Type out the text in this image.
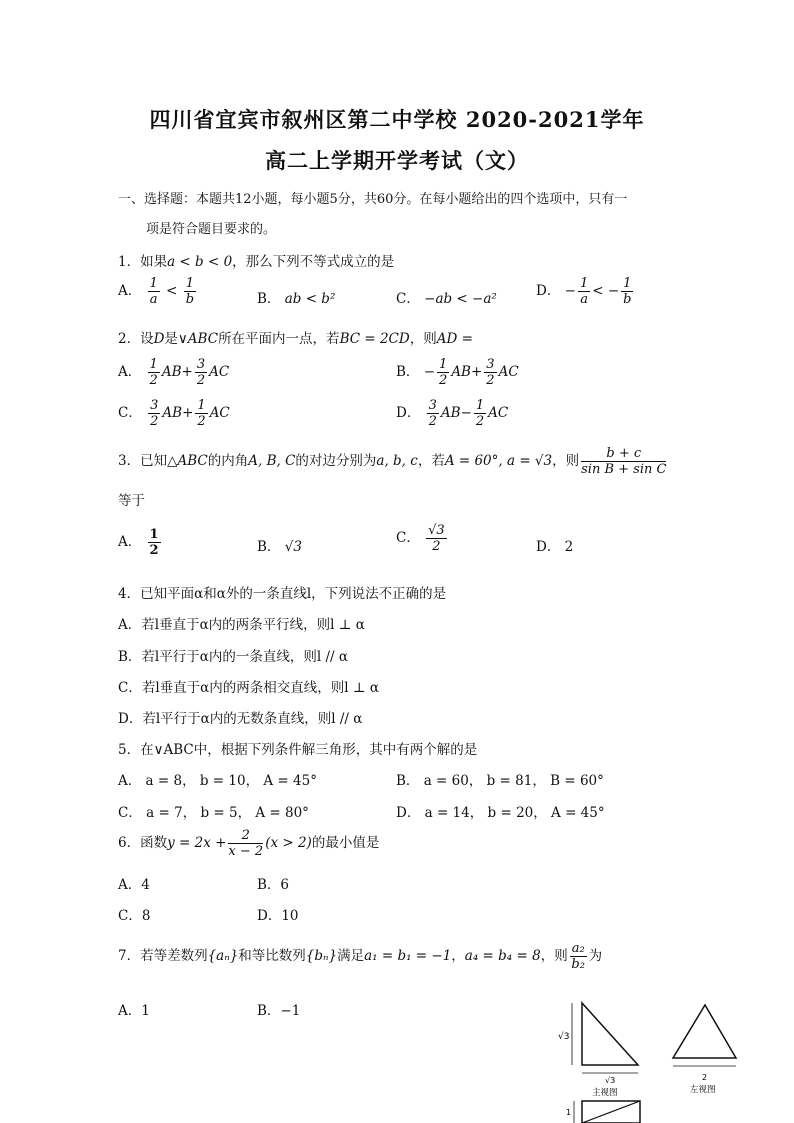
四川省宜宾市叙州区第二中学校 2020-2021学年
高二上学期开学考试（文）
一、选择题：本题共12小题，每小题5分，共60分。在每小题给出的四个选项中，只有一
项是符合题目要求的。
1．如果a < b < 0，那么下列不等式成立的是
A． $\frac{1}{a} < \frac{1}{b}$	B． ab < b²	C． −ab < −a²	D． − $\frac{1}{a}$ < − $\frac{1}{b}$
2．设D是∨ABC所在平面内一点，若BC = 2CD，则AD =
A． $\frac{1}{2} AB+ \frac{3}{2}$ AC	B． − $\frac{1}{2} AB+ \frac{3}{2}$ AC
C． $\frac{3}{2} AB+ \frac{1}{2}$ AC	D． $\frac{3}{2} AB- \frac{1}{2}$ AC
3．已知△ABC的内角A, B, C的对边分别为a, b, c，若A = 60°, a = √3，则 $\frac{b + c}{\text{sin B + sin C}}$
等于
A． $\frac{1}{2}$	B． √3
C． $\frac{√3}{2}$	D． 2
4．已知平面α和α外的一条直线l，下列说法不正确的是
A．若l垂直于α内的两条平行线，则l ⊥ α
B．若l平行于α内的一条直线，则l // α
C．若l垂直于α内的两条相交直线，则l ⊥ α
D．若l平行于α内的无数条直线，则l // α
5．在∨ABC中，根据下列条件解三角形，其中有两个解的是
A． a = 8， b = 10， A = 45°	B． a = 60， b = 81， B = 60°
C． a = 7， b = 5， A = 80°	D． a = 14， b = 20， A = 45°
6．函数$y = 2x + \frac{2}{x - 2} (x > 2)$的最小值是
A．4	B．6
C．8	D．10
7．若等差数列{aₙ}和等比数列{bₙ}满足a₁ = b₁ = −1，a₄ = b₄ = 8，则 $\frac{\text{a₂}}{\text{b₂}}$ 为
A．1	B．−1
√3
√3
主视图
2
左视图
1
